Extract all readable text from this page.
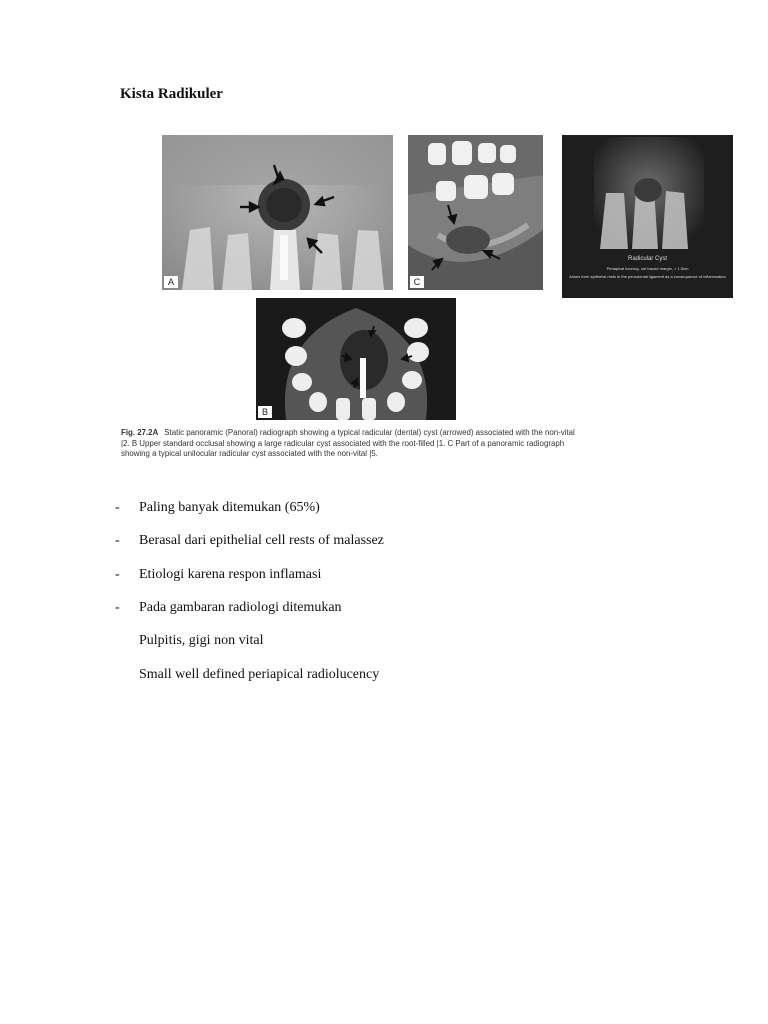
Kista Radikuler
A	C
Radicular Cyst
Periapical lucency, not traced margin, > 1.5cm
Arises from epithelial rests in the periodontal ligament as a consequence of inflammation
B
Fig. 27.2A Static panoramic (Panoral) radiograph showing a typical radicular (dental) cyst (arrowed) associated with the non-vital |2. B Upper standard occlusal showing a large radicular cyst associated with the root-filled |1. C Part of a panoramic radiograph showing a typical unilocular radicular cyst associated with the non-vital |5.
- Paling banyak ditemukan (65%)
- Berasal dari epithelial cell rests of malassez
- Etiologi karena respon inflamasi
- Pada gambaran radiologi ditemukan
Pulpitis, gigi non vital
Small well defined periapical radiolucency
